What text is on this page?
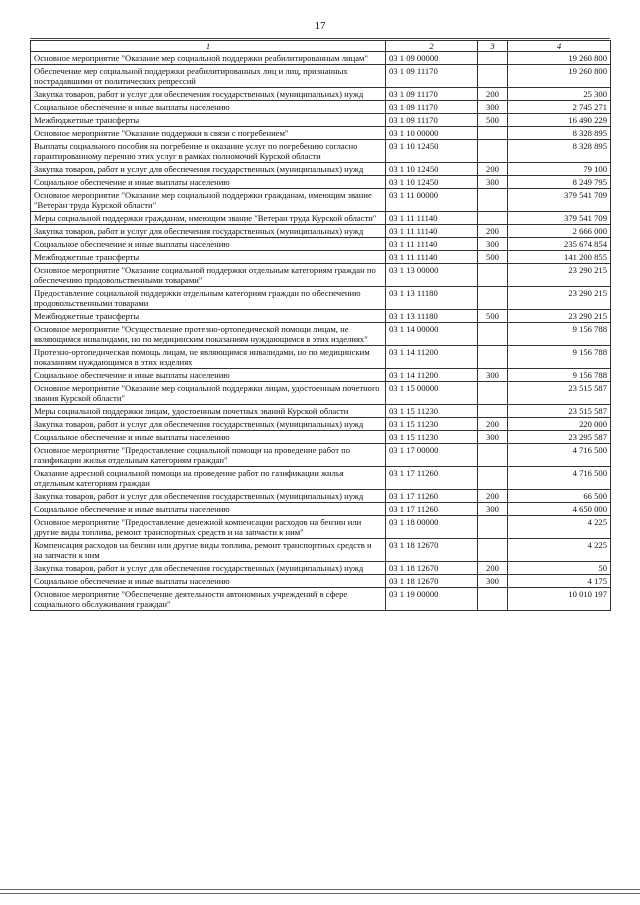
17
1	2	3	4
Основное мероприятие "Оказание мер социальной поддержки реабилитированным лицам"	03 1 09 00000		19 260 800
Обеспечение мер социальной поддержки реабилитированных лиц и лиц, признанных пострадавшими от политических репрессий	03 1 09 11170		19 260 800
Закупка товаров, работ и услуг для обеспечения государственных (муниципальных) нужд	03 1 09 11170	200	25 300
Социальное обеспечение и иные выплаты населению	03 1 09 11170	300	2 745 271
Межбюджетные трансферты	03 1 09 11170	500	16 490 229
Основное мероприятие "Оказание поддержки в связи с погребением"	03 1 10 00000		8 328 895
Выплаты социального пособия на погребение и оказание услуг по погребению согласно гарантированному перечню этих услуг в рамках полномочий Курской области	03 1 10 12450		8 328 895
Закупка товаров, работ и услуг для обеспечения государственных (муниципальных) нужд	03 1 10 12450	200	79 100
Социальное обеспечение и иные выплаты населению	03 1 10 12450	300	8 249 795
Основное мероприятие "Оказание мер социальной поддержки гражданам, имеющим звание "Ветеран труда Курской области"	03 1 11 00000		379 541 709
Меры социальной поддержки гражданам, имеющим звание "Ветеран труда Курской области"	03 1 11 11140		379 541 709
Закупка товаров, работ и услуг для обеспечения государственных (муниципальных) нужд	03 1 11 11140	200	2 666 000
Социальное обеспечение и иные выплаты населению	03 1 11 11140	300	235 674 854
Межбюджетные трансферты	03 1 11 11140	500	141 200 855
Основное мероприятие "Оказание социальной поддержки отдельным категориям граждан по обеспечению продовольственными товарами"	03 1 13 00000		23 290 215
Предоставление социальной поддержки отдельным категориям граждан по обеспечению продовольственными товарами	03 1 13 11180		23 290 215
Межбюджетные трансферты	03 1 13 11180	500	23 290 215
Основное мероприятие "Осуществление протезно-ортопедической помощи лицам, не являющимся инвалидами, но по медицинским показаниям нуждающимся в этих изделиях"	03 1 14 00000		9 156 788
Протезно-ортопедическая помощь лицам, не являющимся инвалидами, но по медицинским показаниям нуждающимся в этих изделиях	03 1 14 11200		9 156 788
Социальное обеспечение и иные выплаты населению	03 1 14 11200	300	9 156 788
Основное мероприятие "Оказание мер социальной поддержки лицам, удостоенным почетного звания Курской области"	03 1 15 00000		23 515 587
Меры социальной поддержки лицам, удостоенным почетных званий Курской области	03 1 15 11230		23 515 587
Закупка товаров, работ и услуг для обеспечения государственных (муниципальных) нужд	03 1 15 11230	200	220 000
Социальное обеспечение и иные выплаты населению	03 1 15 11230	300	23 295 587
Основное мероприятие "Предоставление социальной помощи на проведение работ по газификации жилья отдельным категориям граждан"	03 1 17 00000		4 716 500
Оказание адресной социальной помощи на проведение работ по газификации жилья отдельным категориям граждан	03 1 17 11260		4 716 500
Закупка товаров, работ и услуг для обеспечения государственных (муниципальных) нужд	03 1 17 11260	200	66 500
Социальное обеспечение и иные выплаты населению	03 1 17 11260	300	4 650 000
Основное мероприятие "Предоставление денежной компенсации расходов на бензин или другие виды топлива, ремонт транспортных средств и на запчасти к ним"	03 1 18 00000		4 225
Компенсация расходов на бензин или другие виды топлива, ремонт транспортных средств и на запчасти к ним	03 1 18 12670		4 225
Закупка товаров, работ и услуг для обеспечения государственных (муниципальных) нужд	03 1 18 12670	200	50
Социальное обеспечение и иные выплаты населению	03 1 18 12670	300	4 175
Основное мероприятие "Обеспечение деятельности автономных учреждений в сфере социального обслуживания граждан"	03 1 19 00000		10 010 197
